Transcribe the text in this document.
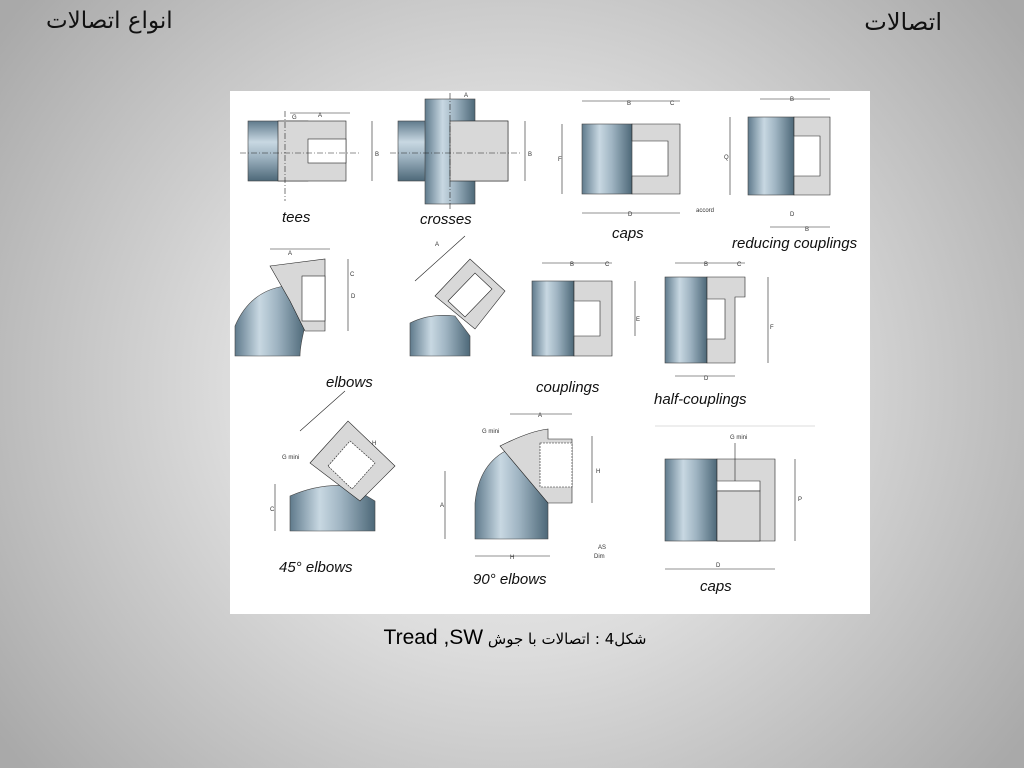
اتصالات
انواع اتصالات
G	A
B
A
B
B	C
F
D
accord
B
Q
D
B
A
D
C
A
B	C
E
B	C
F
D
C
G mini
H
A
A
H
H
G mini
AS
Dim
G mini
P
D
tees	crosses
caps
reducing couplings
elbows	couplings
half-couplings
45° elbows
90° elbows	caps
Tread ,SW شکل4 : اتصالات با جوش
